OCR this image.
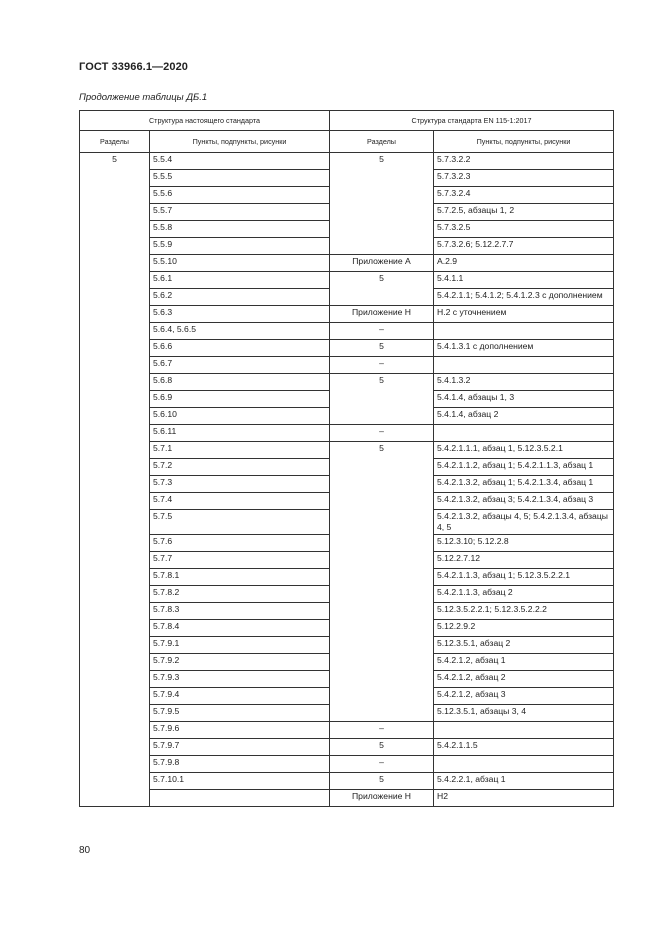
ГОСТ 33966.1—2020
Продолжение таблицы ДБ.1
Структура настоящего стандарта		Структура стандарта EN 115-1:2017	
Разделы	Пункты, подпункты, рисунки	Разделы	Пункты, подпункты, рисунки
5	5.5.4	5	5.7.3.2.2
	5.5.5		5.7.3.2.3
	5.5.6		5.7.3.2.4
	5.5.7		5.7.2.5, абзацы 1, 2
	5.5.8		5.7.3.2.5
	5.5.9		5.7.3.2.6; 5.12.2.7.7
	5.5.10	Приложение А	А.2.9
	5.6.1	5	5.4.1.1
	5.6.2		5.4.2.1.1; 5.4.1.2; 5.4.1.2.3 с дополнением
	5.6.3	Приложение Н	Н.2 с уточнением
	5.6.4, 5.6.5	–	
	5.6.6	5	5.4.1.3.1 с дополнением
	5.6.7	–	
	5.6.8	5	5.4.1.3.2
	5.6.9		5.4.1.4, абзацы 1, 3
	5.6.10		5.4.1.4, абзац 2
	5.6.11	–	
	5.7.1	5	5.4.2.1.1.1, абзац 1, 5.12.3.5.2.1
	5.7.2		5.4.2.1.1.2, абзац 1; 5.4.2.1.1.3, абзац 1
	5.7.3		5.4.2.1.3.2, абзац 1; 5.4.2.1.3.4, абзац 1
	5.7.4		5.4.2.1.3.2, абзац 3; 5.4.2.1.3.4, абзац 3
	5.7.5		5.4.2.1.3.2, абзацы 4, 5; 5.4.2.1.3.4, абзацы 4, 5
	5.7.6		5.12.3.10; 5.12.2.8
	5.7.7		5.12.2.7.12
	5.7.8.1		5.4.2.1.1.3, абзац 1; 5.12.3.5.2.2.1
	5.7.8.2		5.4.2.1.1.3, абзац 2
	5.7.8.3		5.12.3.5.2.2.1; 5.12.3.5.2.2.2
	5.7.8.4		5.12.2.9.2
	5.7.9.1		5.12.3.5.1, абзац 2
	5.7.9.2		5.4.2.1.2, абзац 1
	5.7.9.3		5.4.2.1.2, абзац 2
	5.7.9.4		5.4.2.1.2, абзац 3
	5.7.9.5		5.12.3.5.1, абзацы 3, 4
	5.7.9.6	–	
	5.7.9.7	5	5.4.2.1.1.5
	5.7.9.8	–	
	5.7.10.1	5	5.4.2.2.1, абзац 1
		Приложение Н	Н2
80
